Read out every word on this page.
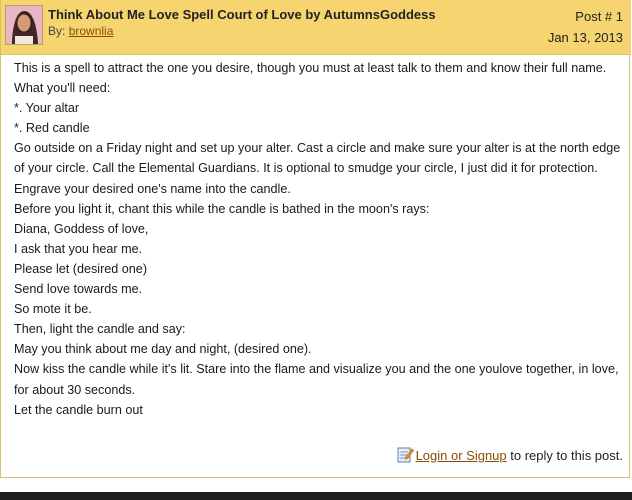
Think About Me Love Spell Court of Love by AutumnsGoddess
By: brownlia
Post # 1
Jan 13, 2013
This is a spell to attract the one you desire, though you must at least talk to them and know their full name.
What you'll need:
*. Your altar
*. Red candle
Go outside on a Friday night and set up your alter. Cast a circle and make sure your alter is at the north edge of your circle. Call the Elemental Guardians. It is optional to smudge your circle, I just did it for protection.
Engrave your desired one's name into the candle.
Before you light it, chant this while the candle is bathed in the moon's rays:
Diana, Goddess of love,
I ask that you hear me.
Please let (desired one)
Send love towards me.
So mote it be.
Then, light the candle and say:
May you think about me day and night, (desired one).
Now kiss the candle while it's lit. Stare into the flame and visualize you and the one youlove together, in love, for about 30 seconds.
Let the candle burn out
Login or Signup
to reply to this post.
